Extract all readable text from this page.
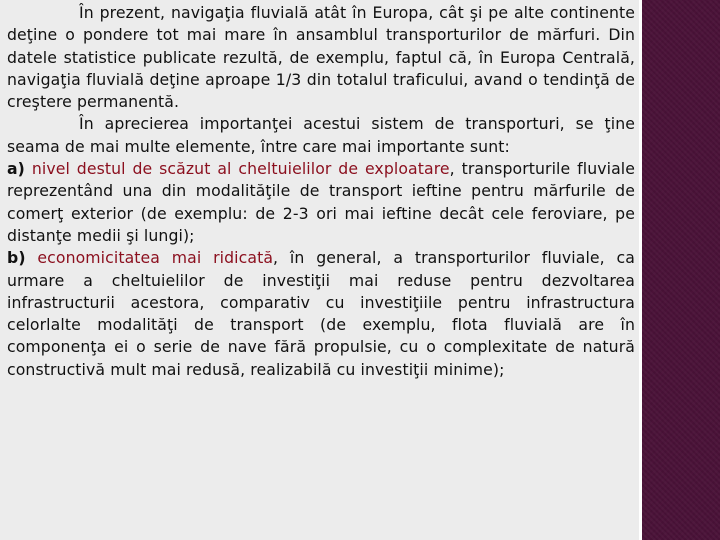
În prezent, navigaţia fluvială atât în Europa, cât şi pe alte continente deţine o pondere tot mai mare în ansamblul transporturilor de mărfuri. Din datele statistice publicate rezultă, de exemplu, faptul că, în Europa Centrală, navigaţia fluvială deţine aproape 1/3 din totalul traficului, avand o tendinţă de creştere permanentă.

În aprecierea importanţei acestui sistem de transporturi, se ţine seama de mai multe elemente, între care mai importante sunt:

a) nivel destul de scăzut al cheltuielilor de exploatare, transporturile fluviale reprezentând una din modalităţile de transport ieftine pentru mărfurile de comerţ exterior (de exemplu: de 2-3 ori mai ieftine decât cele feroviare, pe distanţe medii şi lungi);

b) economicitatea mai ridicată, în general, a transporturilor fluviale, ca urmare a cheltuielilor de investiţii mai reduse pentru dezvoltarea infrastructurii acestora, comparativ cu investiţiile pentru infrastructura celorlalte modalităţi de transport (de exemplu, flota fluvială are în componenţa ei o serie de nave fără propulsie, cu o complexitate de natură constructivă mult mai redusă, realizabilă cu investiţii minime);
